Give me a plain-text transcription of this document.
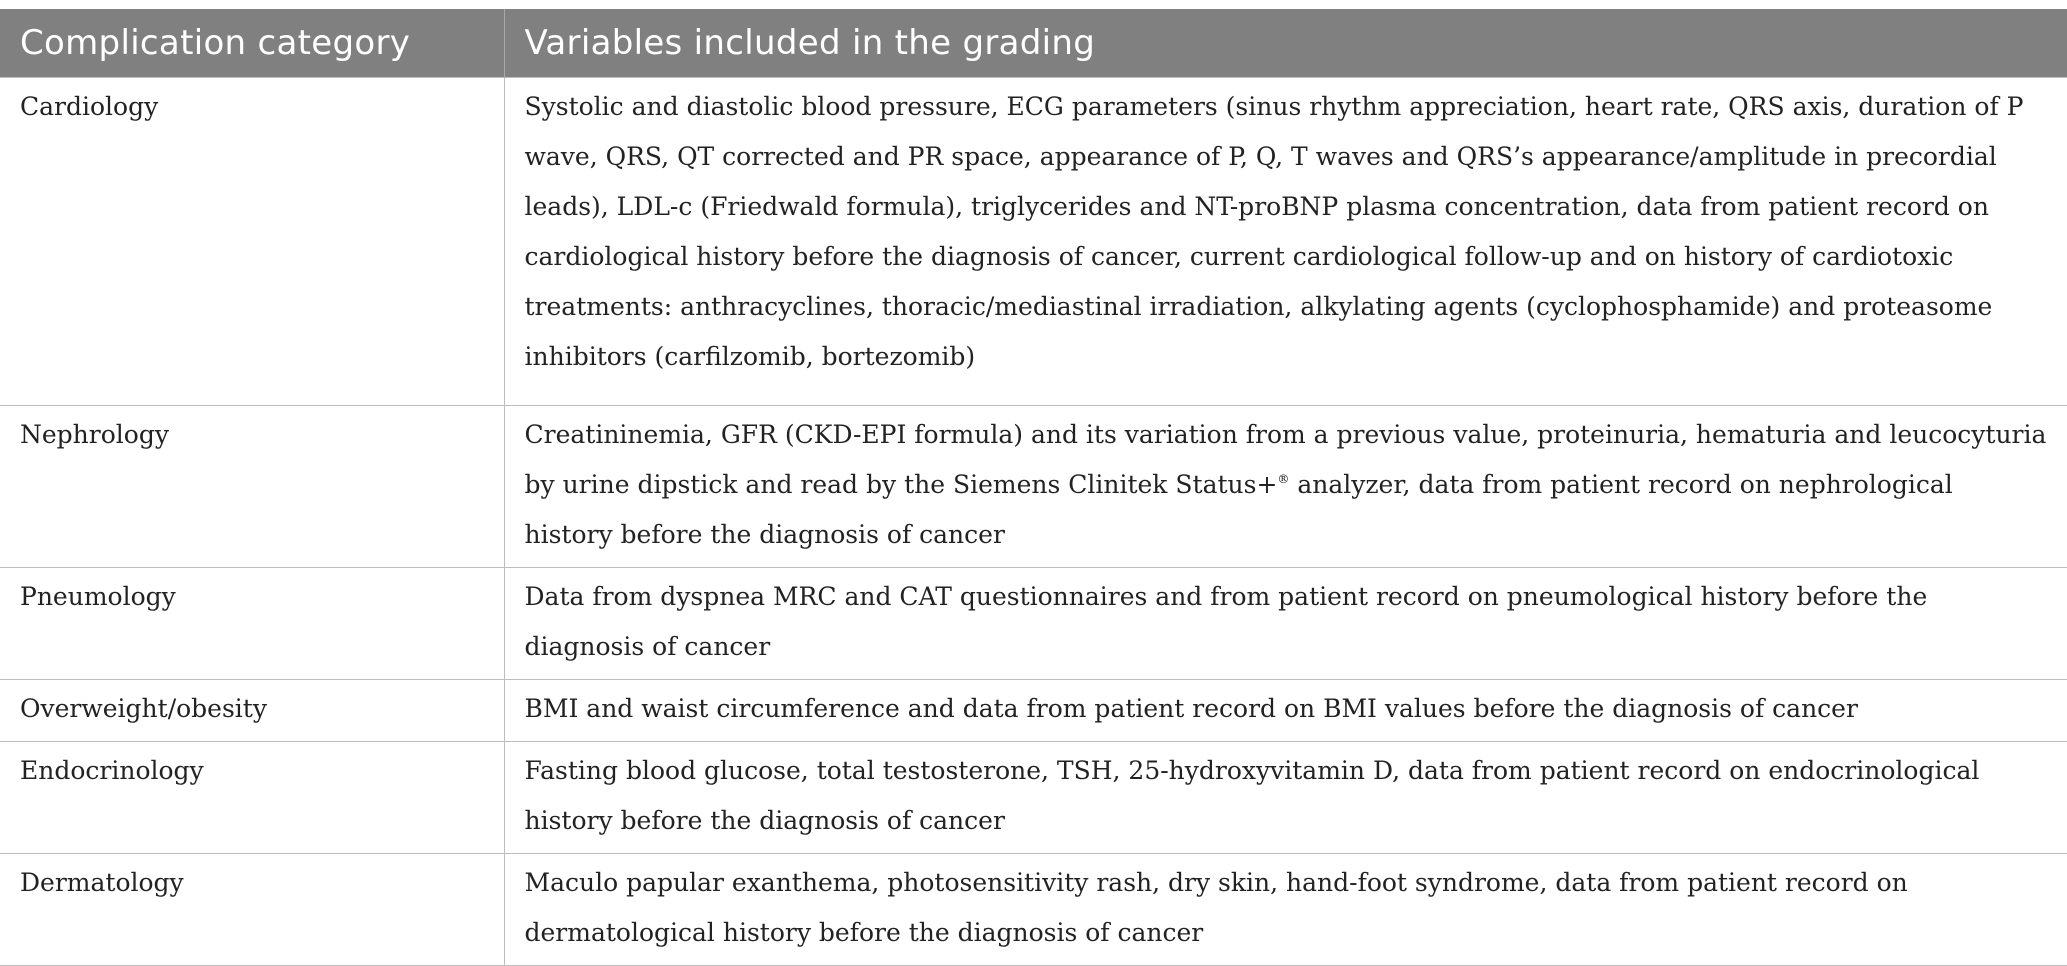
Complication category	Variables included in the grading
Cardiology	Systolic and diastolic blood pressure, ECG parameters (sinus rhythm appreciation, heart rate, QRS axis, duration of P wave, QRS, QT corrected and PR space, appearance of P, Q, T waves and QRS’s appearance/amplitude in precordial leads), LDL-c (Friedwald formula), triglycerides and NT-proBNP plasma concentration, data from patient record on cardiological history before the diagnosis of cancer, current cardiological follow-up and on history of cardiotoxic treatments: anthracyclines, thoracic/mediastinal irradiation, alkylating agents (cyclophosphamide) and proteasome inhibitors (carfilzomib, bortezomib)
Nephrology	Creatininemia, GFR (CKD-EPI formula) and its variation from a previous value, proteinuria, hematuria and leucocyturia by urine dipstick and read by the Siemens Clinitek Status+® analyzer, data from patient record on nephrological history before the diagnosis of cancer
Pneumology	Data from dyspnea MRC and CAT questionnaires and from patient record on pneumological history before the diagnosis of cancer
Overweight/obesity	BMI and waist circumference and data from patient record on BMI values before the diagnosis of cancer
Endocrinology	Fasting blood glucose, total testosterone, TSH, 25-hydroxyvitamin D, data from patient record on endocrinological history before the diagnosis of cancer
Dermatology	Maculo papular exanthema, photosensitivity rash, dry skin, hand-foot syndrome, data from patient record on dermatological history before the diagnosis of cancer
